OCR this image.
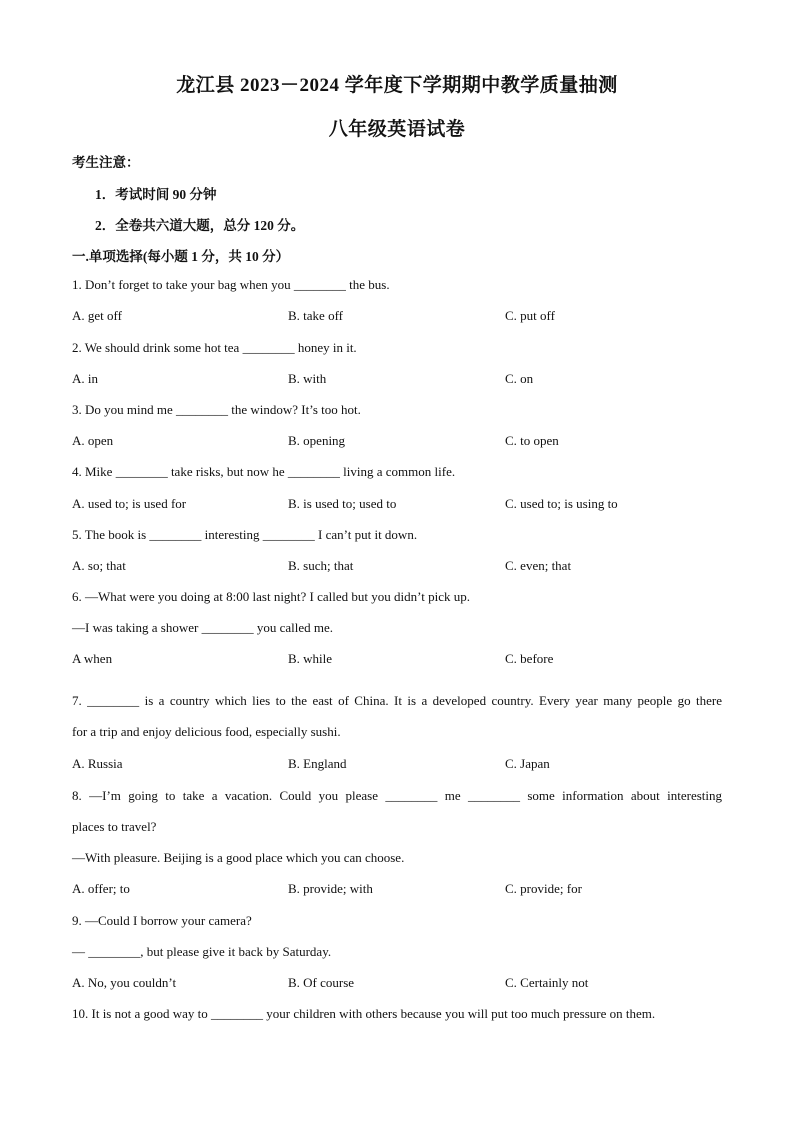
龙江县 2023－2024 学年度下学期期中教学质量抽测
八年级英语试卷
考生注意：
1．考试时间 90 分钟
2．全卷共六道大题，总分 120 分。
一.单项选择(每小题 1 分，共 10 分）
1. Don’t forget to take your bag when you ________ the bus.
A. get off	B. take off	C. put off
2. We should drink some hot tea ________ honey in it.
A. in	B. with	C. on
3. Do you mind me ________ the window? It’s too hot.
A. open	B. opening	C. to open
4. Mike ________ take risks, but now he ________ living a common life.
A. used to; is used for	B. is used to; used to	C. used to; is using to
5. The book is ________ interesting ________ I can’t put it down.
A. so; that	B. such; that	C. even; that
6. —What were you doing at 8:00 last night? I called but you didn’t pick up.
—I was taking a shower ________ you called me.
A when	B. while	C. before
7. ________ is a country which lies to the east of China. It is a developed country. Every year many people go there
for a trip and enjoy delicious food, especially sushi.
A. Russia	B. England	C. Japan
8. —I’m going to take a vacation. Could you please ________ me ________ some information about interesting
places to travel?
—With pleasure. Beijing is a good place which you can choose.
A. offer; to	B. provide; with	C. provide; for
9. —Could I borrow your camera?
— ________, but please give it back by Saturday.
A. No, you couldn’t	B. Of course	C. Certainly not
10. It is not a good way to ________ your children with others because you will put too much pressure on them.
